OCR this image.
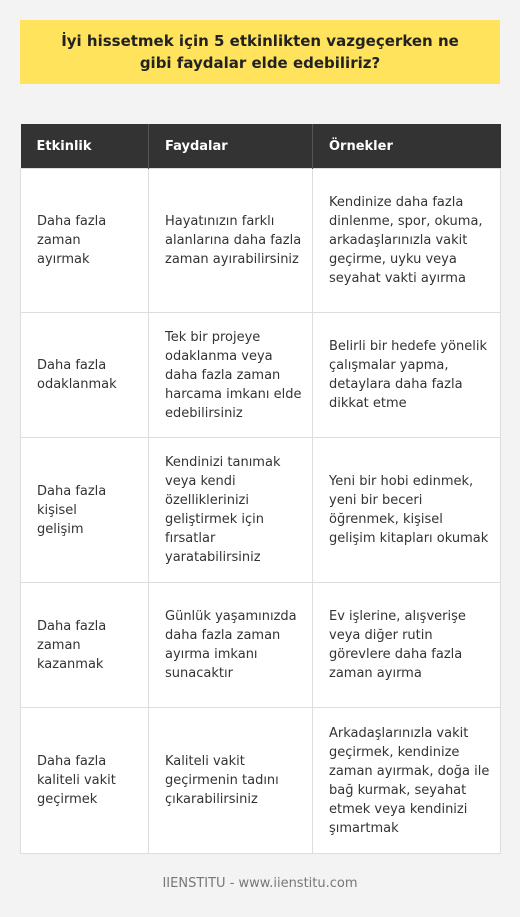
İyi hissetmek için 5 etkinlikten vazgeçerken ne gibi faydalar elde edebiliriz?
Etkinlik	Faydalar	Örnekler
Daha fazla zaman ayırmak	Hayatınızın farklı alanlarına daha fazla zaman ayırabilirsiniz	Kendinize daha fazla dinlenme, spor, okuma, arkadaşlarınızla vakit geçirme, uyku veya seyahat vakti ayırma
Daha fazla odaklanmak	Tek bir projeye odaklanma veya daha fazla zaman harcama imkanı elde edebilirsiniz	Belirli bir hedefe yönelik çalışmalar yapma, detaylara daha fazla dikkat etme
Daha fazla kişisel gelişim	Kendinizi tanımak veya kendi özelliklerinizi geliştirmek için fırsatlar yaratabilirsiniz	Yeni bir hobi edinmek, yeni bir beceri öğrenmek, kişisel gelişim kitapları okumak
Daha fazla zaman kazanmak	Günlük yaşamınızda daha fazla zaman ayırma imkanı sunacaktır	Ev işlerine, alışverişe veya diğer rutin görevlere daha fazla zaman ayırma
Daha fazla kaliteli vakit geçirmek	Kaliteli vakit geçirmenin tadını çıkarabilirsiniz	Arkadaşlarınızla vakit geçirmek, kendinize zaman ayırmak, doğa ile bağ kurmak, seyahat etmek veya kendinizi şımartmak
IIENSTITU - www.iienstitu.com
